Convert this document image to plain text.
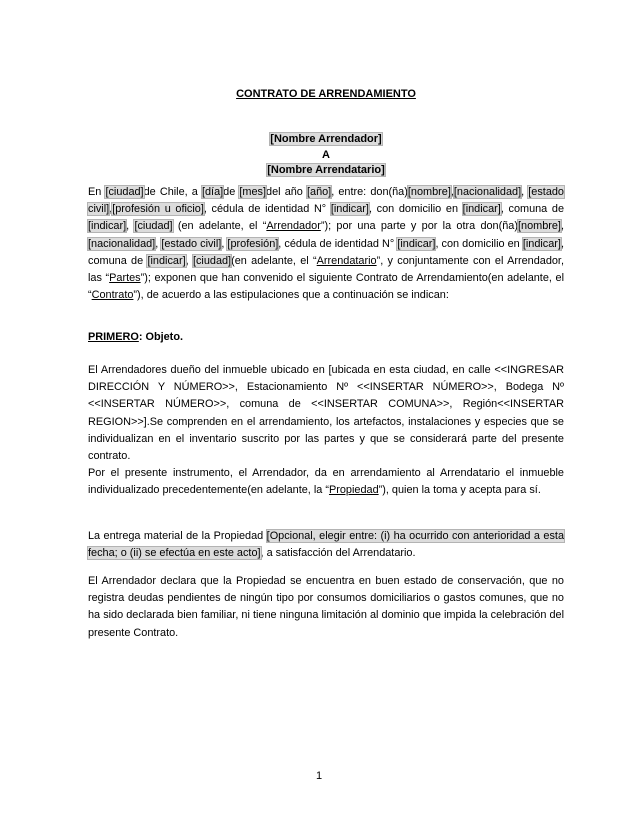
CONTRATO DE ARRENDAMIENTO
[Nombre Arrendador]
A
[Nombre Arrendatario]
En [ciudad]de Chile, a [día]de [mes]del año [año], entre: don(ña)[nombre],[nacionalidad], [estado civil],[profesión u oficio], cédula de identidad N° [indicar], con domicilio en [indicar], comuna de [indicar], [ciudad] (en adelante, el “Arrendador”); por una parte y por la otra don(ña)[nombre], [nacionalidad], [estado civil], [profesión], cédula de identidad N° [indicar], con domicilio en [indicar], comuna de [indicar], [ciudad](en adelante, el “Arrendatario”, y conjuntamente con el Arrendador, las “Partes”); exponen que han convenido el siguiente Contrato de Arrendamiento(en adelante, el “Contrato”), de acuerdo a las estipulaciones que a continuación se indican:
PRIMERO: Objeto.
El Arrendadores dueño del inmueble ubicado en [ubicada en esta ciudad, en calle <<INGRESAR DIRECCIÓN Y NÚMERO>>, Estacionamiento Nº <<INSERTAR NÚMERO>>, Bodega Nº <<INSERTAR NÚMERO>>, comuna de <<INSERTAR COMUNA>>, Región<<INSERTAR REGION>>].Se comprenden en el arrendamiento, los artefactos, instalaciones y especies que se individualizan en el inventario suscrito por las partes y que se considerará parte del presente contrato.
Por el presente instrumento, el Arrendador, da en arrendamiento al Arrendatario el inmueble individualizado precedentemente(en adelante, la “Propiedad”), quien la toma y acepta para sí.
La entrega material de la Propiedad [Opcional, elegir entre: (i) ha ocurrido con anterioridad a esta fecha; o (ii) se efectúa en este acto], a satisfacción del Arrendatario.
El Arrendador declara que la Propiedad se encuentra en buen estado de conservación, que no registra deudas pendientes de ningún tipo por consumos domiciliarios o gastos comunes, que no ha sido declarada bien familiar, ni tiene ninguna limitación al dominio que impida la celebración del presente Contrato.
1
